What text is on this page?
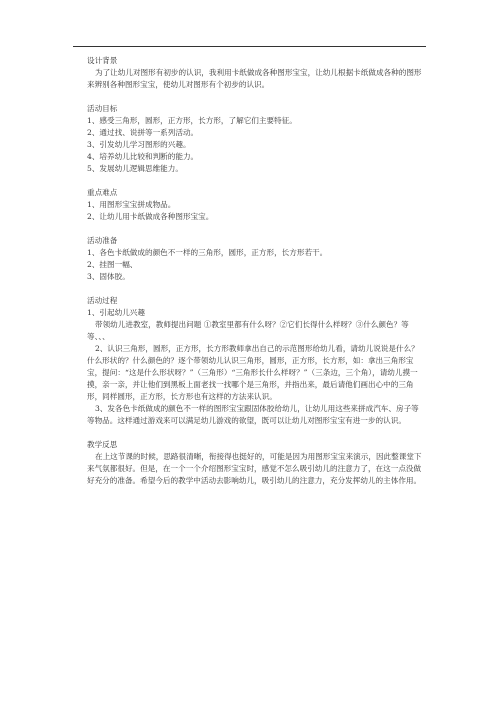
设计背景

为了让幼儿对图形有初步的认识，我利用卡纸做成各种图形宝宝，让幼儿根据卡纸做成各种的图形来辨别各种图形宝宝，使幼儿对图形有个初步的认识。

活动目标

1、感受三角形，圆形，正方形，长方形，了解它们主要特征。

2、通过找、说拼等一系列活动。

3、引发幼儿学习图形的兴趣。

4、培养幼儿比较和判断的能力。

5、发展幼儿逻辑思维能力。

重点难点

1、用图形宝宝拼成物品。

2、让幼儿用卡纸做成各种图形宝宝。

活动准备

1、各色卡纸做成的颜色不一样的三角形，圆形，正方形，长方形若干。

2、挂图一幅、

3、固体胶。

活动过程

1、引起幼儿兴趣

带领幼儿进教室，教师提出问题 ①教室里都有什么呀？②它们长得什么样呀？③什么颜色？等等、、、

2、认识三角形，圆形，正方形，长方形教师拿出自己的示范图形给幼儿看，请幼儿说说是什么？什么形状的？什么颜色的？逐个带领幼儿认识三角形，圆形，正方形，长方形，如：拿出三角形宝宝，提问：“这是什么形状呀？”（三角形）“三角形长什么样呀？”（三条边，三个角），请幼儿摸一摸，亲一亲，并让他们到黑板上面老找一找哪个是三角形，并指出来，最后请他们画出心中的三角形，同样圆形，正方形，长方形也有这样的方法来认识。

3、发各色卡纸做成的颜色不一样的图形宝宝跟固体胶给幼儿，让幼儿用这些来拼成汽车、房子等等物品。这样通过游戏来可以满足幼儿游戏的欲望，既可以让幼儿对图形宝宝有进一步的认识。

教学反思

在上这节课的时候，思路很清晰，衔接得也挺好的，可能是因为用图形宝宝来演示，因此整课堂下来气氛都很好。但是，在一个一个介绍图形宝宝时，感觉不怎么吸引幼儿的注意力了，在这一点没做好充分的准备。希望今后的教学中活动去影响幼儿，吸引幼儿的注意力，充分发挥幼儿的主体作用。
